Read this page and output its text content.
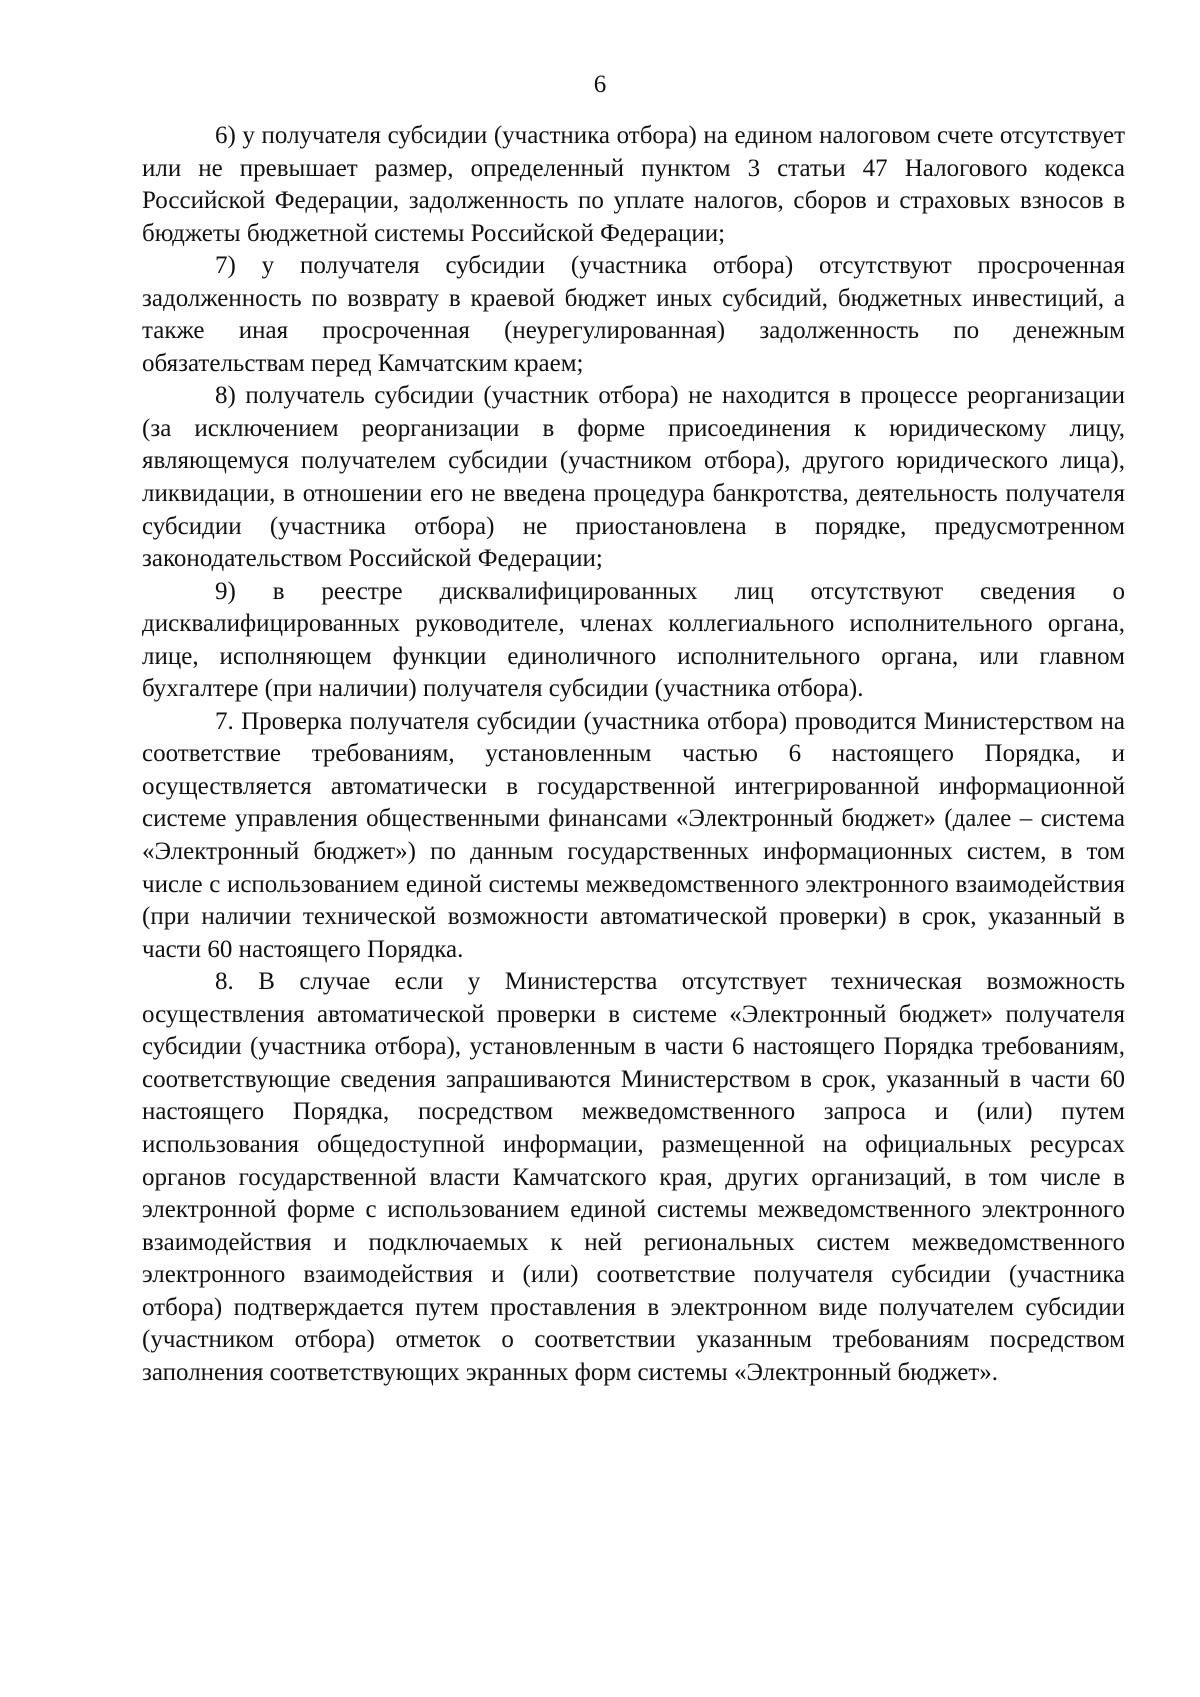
6

6) у получателя субсидии (участника отбора) на едином налоговом счете отсутствует или не превышает размер, определенный пунктом 3 статьи 47 Налогового кодекса Российской Федерации, задолженность по уплате налогов, сборов и страховых взносов в бюджеты бюджетной системы Российской Федерации;

7) у получателя субсидии (участника отбора) отсутствуют просроченная задолженность по возврату в краевой бюджет иных субсидий, бюджетных инвестиций, а также иная просроченная (неурегулированная) задолженность по денежным обязательствам перед Камчатским краем;

8) получатель субсидии (участник отбора) не находится в процессе реорганизации (за исключением реорганизации в форме присоединения к юридическому лицу, являющемуся получателем субсидии (участником отбора), другого юридического лица), ликвидации, в отношении его не введена процедура банкротства, деятельность получателя субсидии (участника отбора) не приостановлена в порядке, предусмотренном законодательством Российской Федерации;

9) в реестре дисквалифицированных лиц отсутствуют сведения о дисквалифицированных руководителе, членах коллегиального исполнительного органа, лице, исполняющем функции единоличного исполнительного органа, или главном бухгалтере (при наличии) получателя субсидии (участника отбора).

7. Проверка получателя субсидии (участника отбора) проводится Министерством на соответствие требованиям, установленным частью 6 настоящего Порядка, и осуществляется автоматически в государственной интегрированной информационной системе управления общественными финансами «Электронный бюджет» (далее – система «Электронный бюджет») по данным государственных информационных систем, в том числе с использованием единой системы межведомственного электронного взаимодействия (при наличии технической возможности автоматической проверки) в срок, указанный в части 60 настоящего Порядка.

8. В случае если у Министерства отсутствует техническая возможность осуществления автоматической проверки в системе «Электронный бюджет» получателя субсидии (участника отбора), установленным в части 6 настоящего Порядка требованиям, соответствующие сведения запрашиваются Министерством в срок, указанный в части 60 настоящего Порядка, посредством межведомственного запроса и (или) путем использования общедоступной информации, размещенной на официальных ресурсах органов государственной власти Камчатского края, других организаций, в том числе в электронной форме с использованием единой системы межведомственного электронного взаимодействия и подключаемых к ней региональных систем межведомственного электронного взаимодействия и (или) соответствие получателя субсидии (участника отбора) подтверждается путем проставления в электронном виде получателем субсидии (участником отбора) отметок о соответствии указанным требованиям посредством заполнения соответствующих экранных форм системы «Электронный бюджет».
